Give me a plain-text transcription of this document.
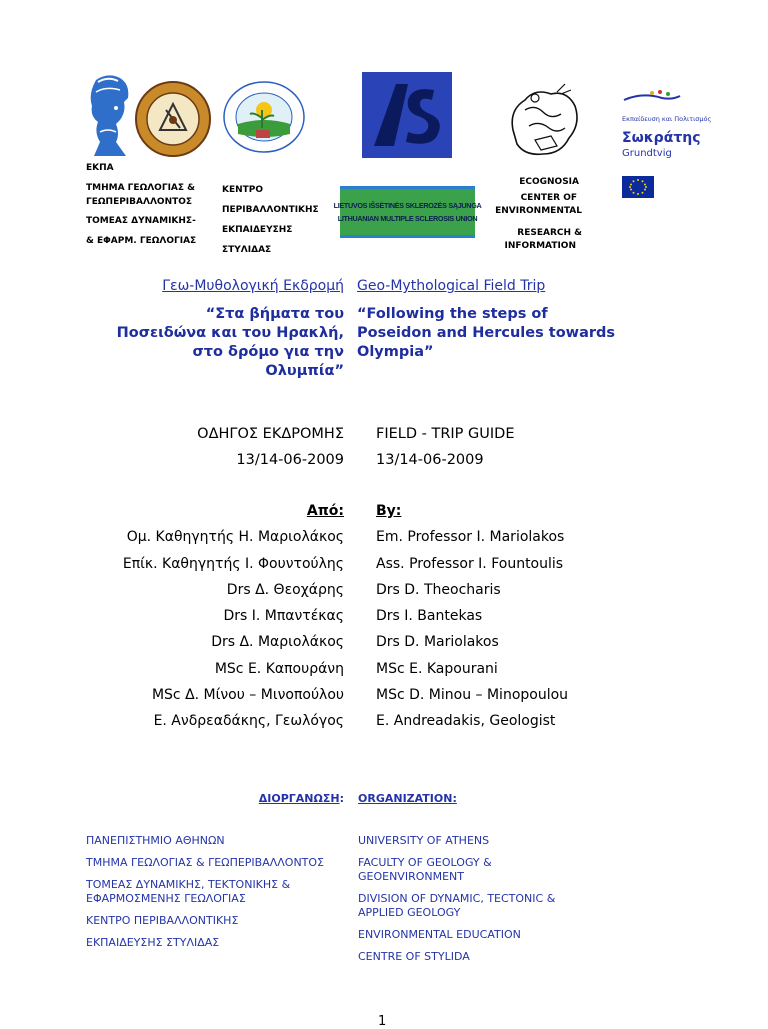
LIETUVOS IŠSĖTINĖS SKLEROZĖS SĄJUNGA
LITHUANIAN MULTIPLE SCLEROSIS UNION
Εκπαίδευση και Πολιτισμός
Σωκράτης
Grundtvig
ΕΚΠΑ
ΤΜΗΜΑ ΓΕΩΛΟΓΙΑΣ &
ΓΕΩΠΕΡΙΒΑΛΛΟΝΤΟΣ
ΤΟΜΕΑΣ ΔΥΝΑΜΙΚΗΣ-
& ΕΦΑΡΜ. ΓΕΩΛΟΓΙΑΣ
ΚΕΝΤΡΟ
ΠΕΡΙΒΑΛΛΟΝΤΙΚΗΣ
ΕΚΠΑΙΔΕΥΣΗΣ
ΣΤΥΛΙΔΑΣ
ECOGNOSIA
CENTER OF
ENVIRONMENTAL
RESEARCH &
INFORMATION
Γεω-Μυθολογική Εκδρομή Geo-Mythological Field Trip
“Στα βήματα του Ποσειδώνα και του Ηρακλή, στο δρόμο για την Ολυμπία”
“Following the steps of Poseidon and Hercules towards Olympia”
ΟΔΗΓΟΣ ΕΚΔΡΟΜΗΣ
13/14-06-2009
FIELD - TRIP GUIDE
13/14-06-2009
Από:
Ομ. Καθηγητής Η. Μαριολάκος
Επίκ. Καθηγητής Ι. Φουντούλης
Drs Δ. Θεοχάρης
Drs Ι. Μπαντέκας
Drs Δ. Μαριολάκος
MSc Ε. Καπουράνη
MSc Δ. Μίνου – Μινοπούλου
Ε. Ανδρεαδάκης, Γεωλόγος
By:
Em. Professor I. Mariolakos
Ass. Professor I. Fountoulis
Drs D. Theocharis
Drs I. Bantekas
Drs D. Mariolakos
MSc E. Kapourani
MSc D. Minou – Minopoulou
E. Andreadakis, Geologist
ΔΙΟΡΓΑΝΩΣΗ: ORGANIZATION:
ΠΑΝΕΠΙΣΤΗΜΙΟ ΑΘΗΝΩΝ
ΤΜΗΜΑ ΓΕΩΛΟΓΙΑΣ & ΓΕΩΠΕΡΙΒΑΛΛΟΝΤΟΣ
ΤΟΜΕΑΣ ΔΥΝΑΜΙΚΗΣ, ΤΕΚΤΟΝΙΚΗΣ & ΕΦΑΡΜΟΣΜΕΝΗΣ ΓΕΩΛΟΓΙΑΣ
ΚΕΝΤΡΟ ΠΕΡΙΒΑΛΛΟΝΤΙΚΗΣ
ΕΚΠΑΙΔΕΥΣΗΣ ΣΤΥΛΙΔΑΣ
UNIVERSITY OF ATHENS
FACULTY OF GEOLOGY & GEOENVIRONMENT
DIVISION OF DYNAMIC, TECTONIC & APPLIED GEOLOGY
ENVIRONMENTAL EDUCATION
CENTRE OF STYLIDA
1
